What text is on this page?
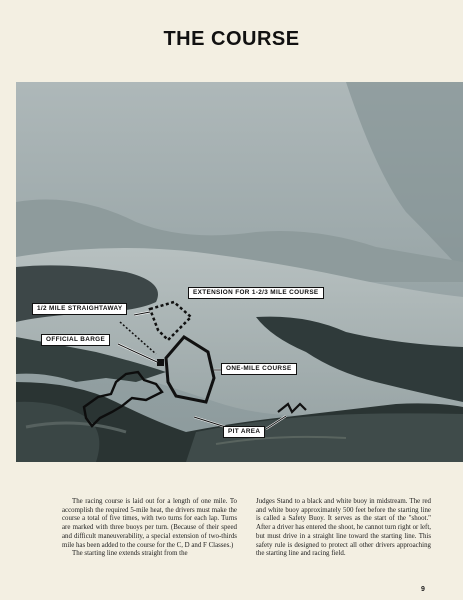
THE COURSE
EXTENSION FOR 1-2/3 MILE COURSE
1/2 MILE STRAIGHTAWAY
OFFICIAL BARGE
ONE-MILE COURSE
PIT AREA

The racing course is laid out for a length of one mile. To accomplish the required 5-mile heat, the drivers must make the course a total of five times, with two turns for each lap. Turns are marked with three buoys per turn. (Because of their speed and difficult maneuverability, a special extension of two-thirds mile has been added to the course for the C, D and F Classes.)

The starting line extends straight from the

Judges Stand to a black and white buoy in midstream. The red and white buoy approximately 500 feet before the starting line is called a Safety Buoy. It serves as the start of the "shoot." After a driver has entered the shoot, he cannot turn right or left, but must drive in a straight line toward the starting line. This safety rule is designed to protect all other drivers approaching the starting line and racing field.

9
